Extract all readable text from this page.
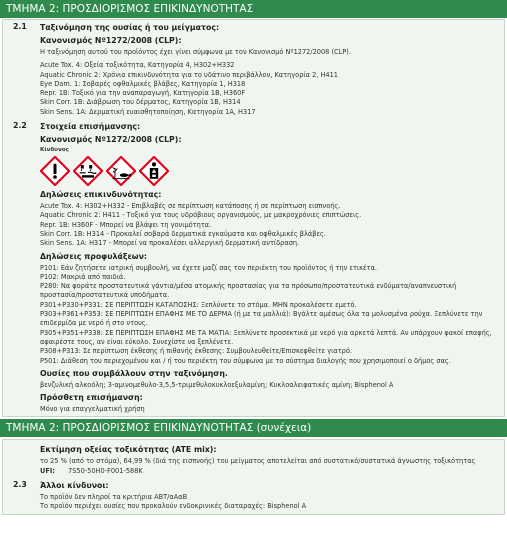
ΤΜΗΜΑ 2: ΠΡΟΣΔΙΟΡΙΣΜΟΣ ΕΠΙΚΙΝΔΥΝΟΤΗΤΑΣ
2.1 Ταξινόμηση της ουσίας ή του μείγματος:
Κανονισμός Νº1272/2008 (CLP):
Η ταξινόμηση αυτού του προϊόντος έχει γίνει σύμφωνα με τον Κανονισμό Nº1272/2008 (CLP).
Acute Tox. 4: Οξεία τοξικότητα, Κατηγορία 4, H302+H332
Aquatic Chronic 2: Χρόνια επικινδυνότητα για το υδάτινο περιβάλλον, Κατηγορία 2, H411
Eye Dam. 1: Σοβαρές οφθαλμικές βλάβες, Κατηγορία 1, H318
Repr. 1B: Τοξικό για την αναπαραγωγή, Κατηγορία 1B, H360F
Skin Corr. 1B: Διάβρωση του δέρματος, Κατηγορία 1B, H314
Skin Sens. 1A: Δερματική ευαισθητοποίηση, Κατηγορία 1A, H317
2.2 Στοιχεία επισήμανσης:
Κανονισμός Nº1272/2008 (CLP):
Κίνδυνος
Δηλώσεις επικινδυνότητας:
Acute Tox. 4: H302+H332 - Επιβλαβές σε περίπτωση κατάποσης ή σε περίπτωση εισπνοής.
Aquatic Chronic 2: H411 - Τοξικό για τους υδρόβιους οργανισμούς, με μακροχρόνιες επιπτώσεις.
Repr. 1B: H360F - Μπορεί να βλάψει τη γονιμότητα.
Skin Corr. 1B: H314 - Προκαλεί σοβαρά δερματικά εγκαύματα και οφθαλμικές βλάβες.
Skin Sens. 1A: H317 - Μπορεί να προκαλέσει αλλεργική δερματική αντίδραση.
Δηλώσεις προφυλάξεων:
P101: Εάν ζητήσετε ιατρική συμβουλή, να έχετε μαζί σας τον περιέκτη του προϊόντος ή την ετικέτα.
P102: Μακριά από παιδιά.
P280: Να φοράτε προστατευτικά γάντια/μέσα ατομικής προστασίας για τα πρόσωπο/προστατευτικά ενδύματα/αναπνευστική προστασία/προστατευτικά υποδήματα.
P301+P330+P331: ΣΕ ΠΕΡΙΠΤΩΣΗ ΚΑΤΑΠΟΣΗΣ: Ξεπλύνετε το στόμα. ΜΗΝ προκαλέσετε εμετό.
P303+P361+P353: ΣΕ ΠΕΡΙΠΤΩΣΗ ΕΠΑΦΗΣ ΜΕ ΤΟ ΔΕΡΜΑ (ή με τα μαλλιά): Βγάλτε αμέσως όλα τα μολυσμένα ρούχα. Ξεπλύνετε την επιδερμίδα με νερό ή στο ντους.
P305+P351+P338: ΣΕ ΠΕΡΙΠΤΩΣΗ ΕΠΑΦΗΣ ΜΕ ΤΑ ΜΑΤΙΑ: Ξεπλύνετε προσεκτικά με νερό για αρκετά λεπτά. Αν υπάρχουν φακοί επαφής, αφαιρέστε τους, αν είναι εύκολο. Συνεχίστε να ξεπλένετε.
P308+P313: Σε περίπτωση έκθεσης ή πιθανής έκθεσης: Συμβουλευθείτε/Επισκεφθείτε γιατρό.
P501: Διάθεση του περιεχομένου και / ή του περιέκτη του σύμφωνα με το σύστημα διαλογής που χρησιμοποιεί ο δήμος σας.
Ουσίες που συμβάλλουν στην ταξινόμηση.
βενζυλική αλκοόλη; 3-αμινομεθυλο-3,5,5-τριμεθυλοκυκλοεξυλαμίνη; Κυκλοαλειφατικές αμίνη; Bisphenol A
Πρόσθετη επισήμανση:
Μόνο για επαγγελματική χρήση
ΤΜΗΜΑ 2: ΠΡΟΣΔΙΟΡΙΣΜΟΣ ΕΠΙΚΙΝΔΥΝΟΤΗΤΑΣ (συνέχεια)
Εκτίμηση οξείας τοξικότητας (ATE mix):
το 25 % (από το στόμα), 64,99 % (διά της εισπνοής) του μείγματος αποτελείται από συστατικό/συστατικά άγνωστης τοξικότητας
UFI: 7S50-50H0-F001-588K
2.3 Άλλοι κίνδυνοι:
Το προϊόν δεν πληροί τα κριτήρια ΑΒΤ/αΑαΒ
Το προϊόν περιέχει ουσίες που προκαλούν ενδοκρινικές διαταραχές: Bisphenol A
